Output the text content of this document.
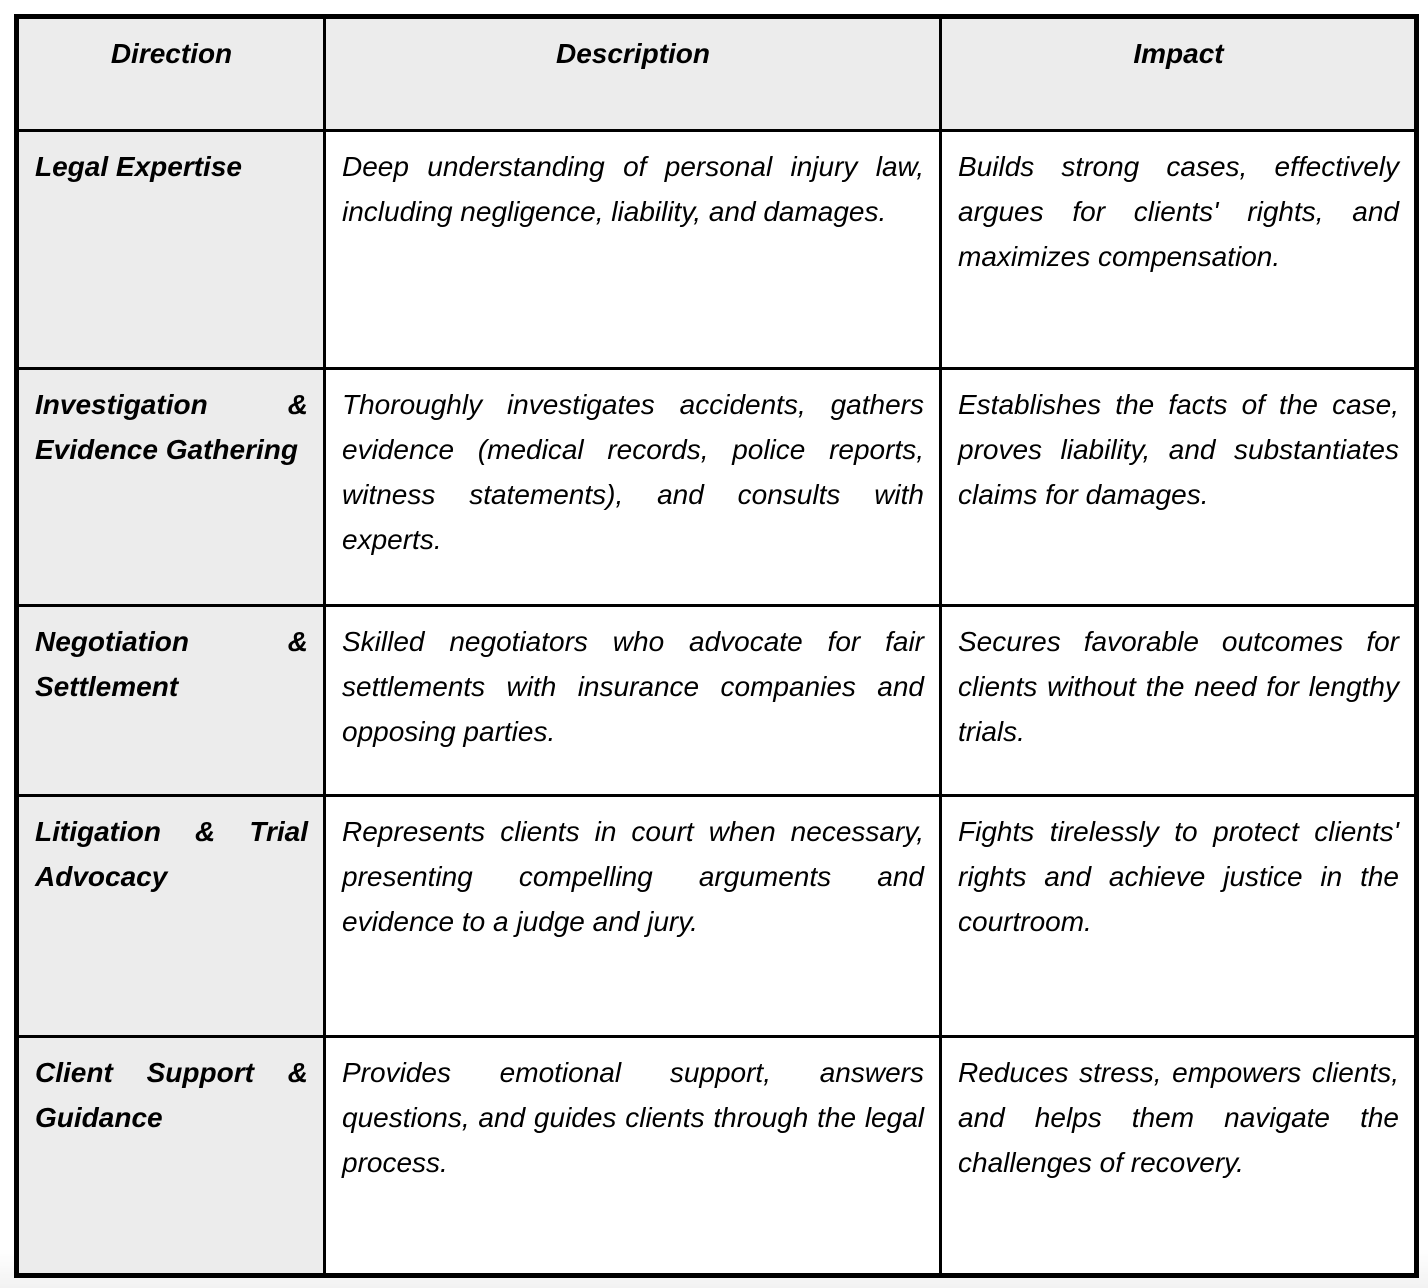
Direction	Description	Impact
Legal Expertise	Deep understanding of personal injury law, including negligence, liability, and damages.	Builds strong cases, effectively argues for clients' rights, and maximizes compensation.
Investigation & Evidence Gathering	Thoroughly investigates accidents, gathers evidence (medical records, police reports, witness statements), and consults with experts.	Establishes the facts of the case, proves liability, and substantiates claims for damages.
Negotiation & Settlement	Skilled negotiators who advocate for fair settlements with insurance companies and opposing parties.	Secures favorable outcomes for clients without the need for lengthy trials.
Litigation & Trial Advocacy	Represents clients in court when necessary, presenting compelling arguments and evidence to a judge and jury.	Fights tirelessly to protect clients' rights and achieve justice in the courtroom.
Client Support & Guidance	Provides emotional support, answers questions, and guides clients through the legal process.	Reduces stress, empowers clients, and helps them navigate the challenges of recovery.
